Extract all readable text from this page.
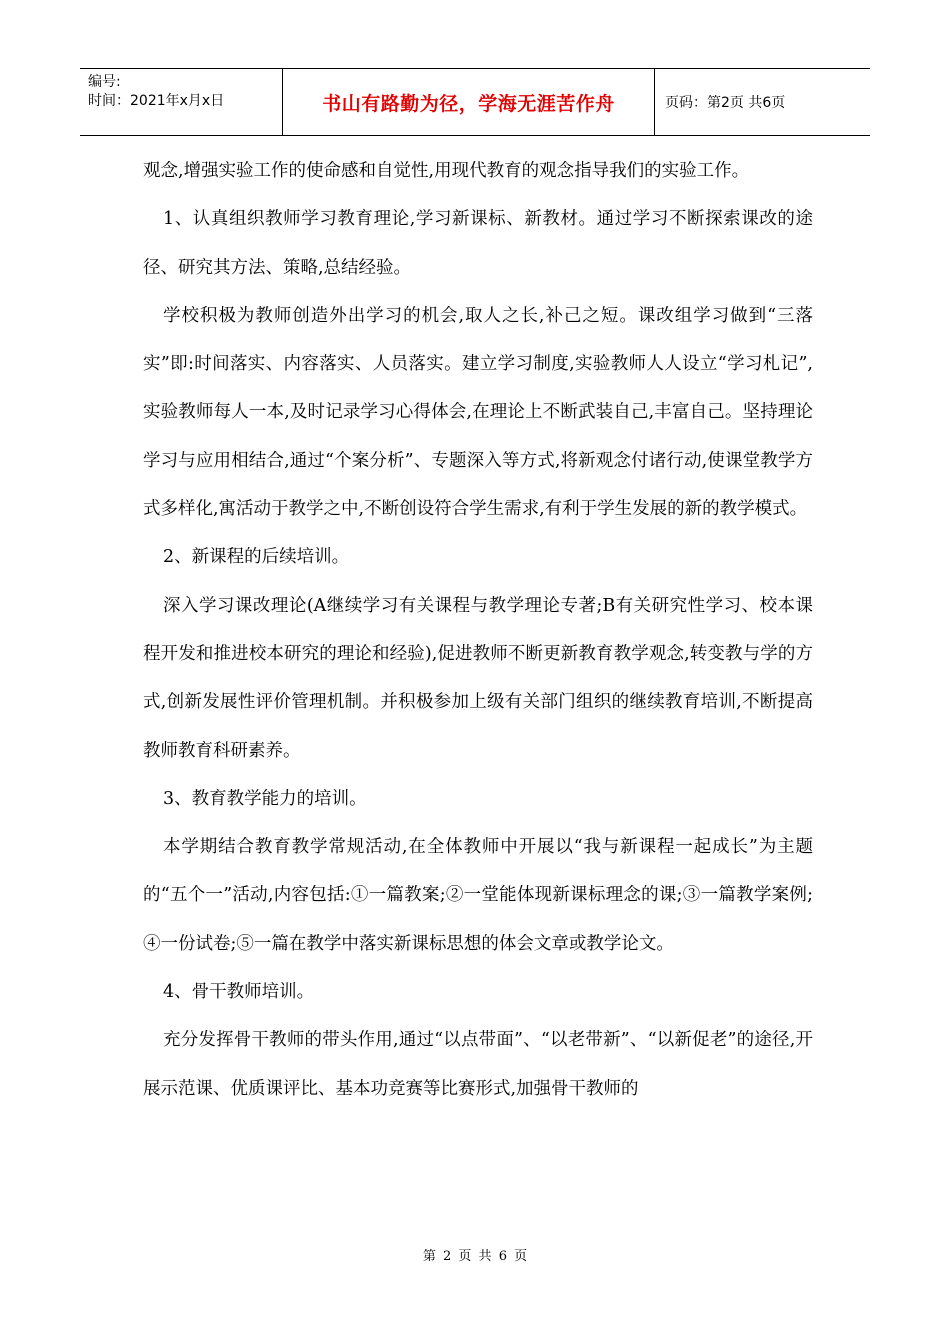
编号:
时间：2021年x月x日	书山有路勤为径，学海无涯苦作舟	页码：第2页 共6页

观念,增强实验工作的使命感和自觉性,用现代教育的观念指导我们的实验工作。

1、认真组织教师学习教育理论,学习新课标、新教材。通过学习不断探索课改的途径、研究其方法、策略,总结经验。

学校积极为教师创造外出学习的机会,取人之长,补己之短。课改组学习做到“三落实”即:时间落实、内容落实、人员落实。建立学习制度,实验教师人人设立“学习札记”,实验教师每人一本,及时记录学习心得体会,在理论上不断武装自己,丰富自己。坚持理论学习与应用相结合,通过“个案分析”、专题深入等方式,将新观念付诸行动,使课堂教学方式多样化,寓活动于教学之中,不断创设符合学生需求,有利于学生发展的新的教学模式。

2、新课程的后续培训。

深入学习课改理论(A继续学习有关课程与教学理论专著;B有关研究性学习、校本课程开发和推进校本研究的理论和经验),促进教师不断更新教育教学观念,转变教与学的方式,创新发展性评价管理机制。并积极参加上级有关部门组织的继续教育培训,不断提高教师教育科研素养。

3、教育教学能力的培训。

本学期结合教育教学常规活动,在全体教师中开展以“我与新课程一起成长”为主题的“五个一”活动,内容包括:①一篇教案;②一堂能体现新课标理念的课;③一篇教学案例;④一份试卷;⑤一篇在教学中落实新课标思想的体会文章或教学论文。

4、骨干教师培训。

充分发挥骨干教师的带头作用,通过“以点带面”、“以老带新”、“以新促老”的途径,开展示范课、优质课评比、基本功竞赛等比赛形式,加强骨干教师的

第 2 页 共 6 页
